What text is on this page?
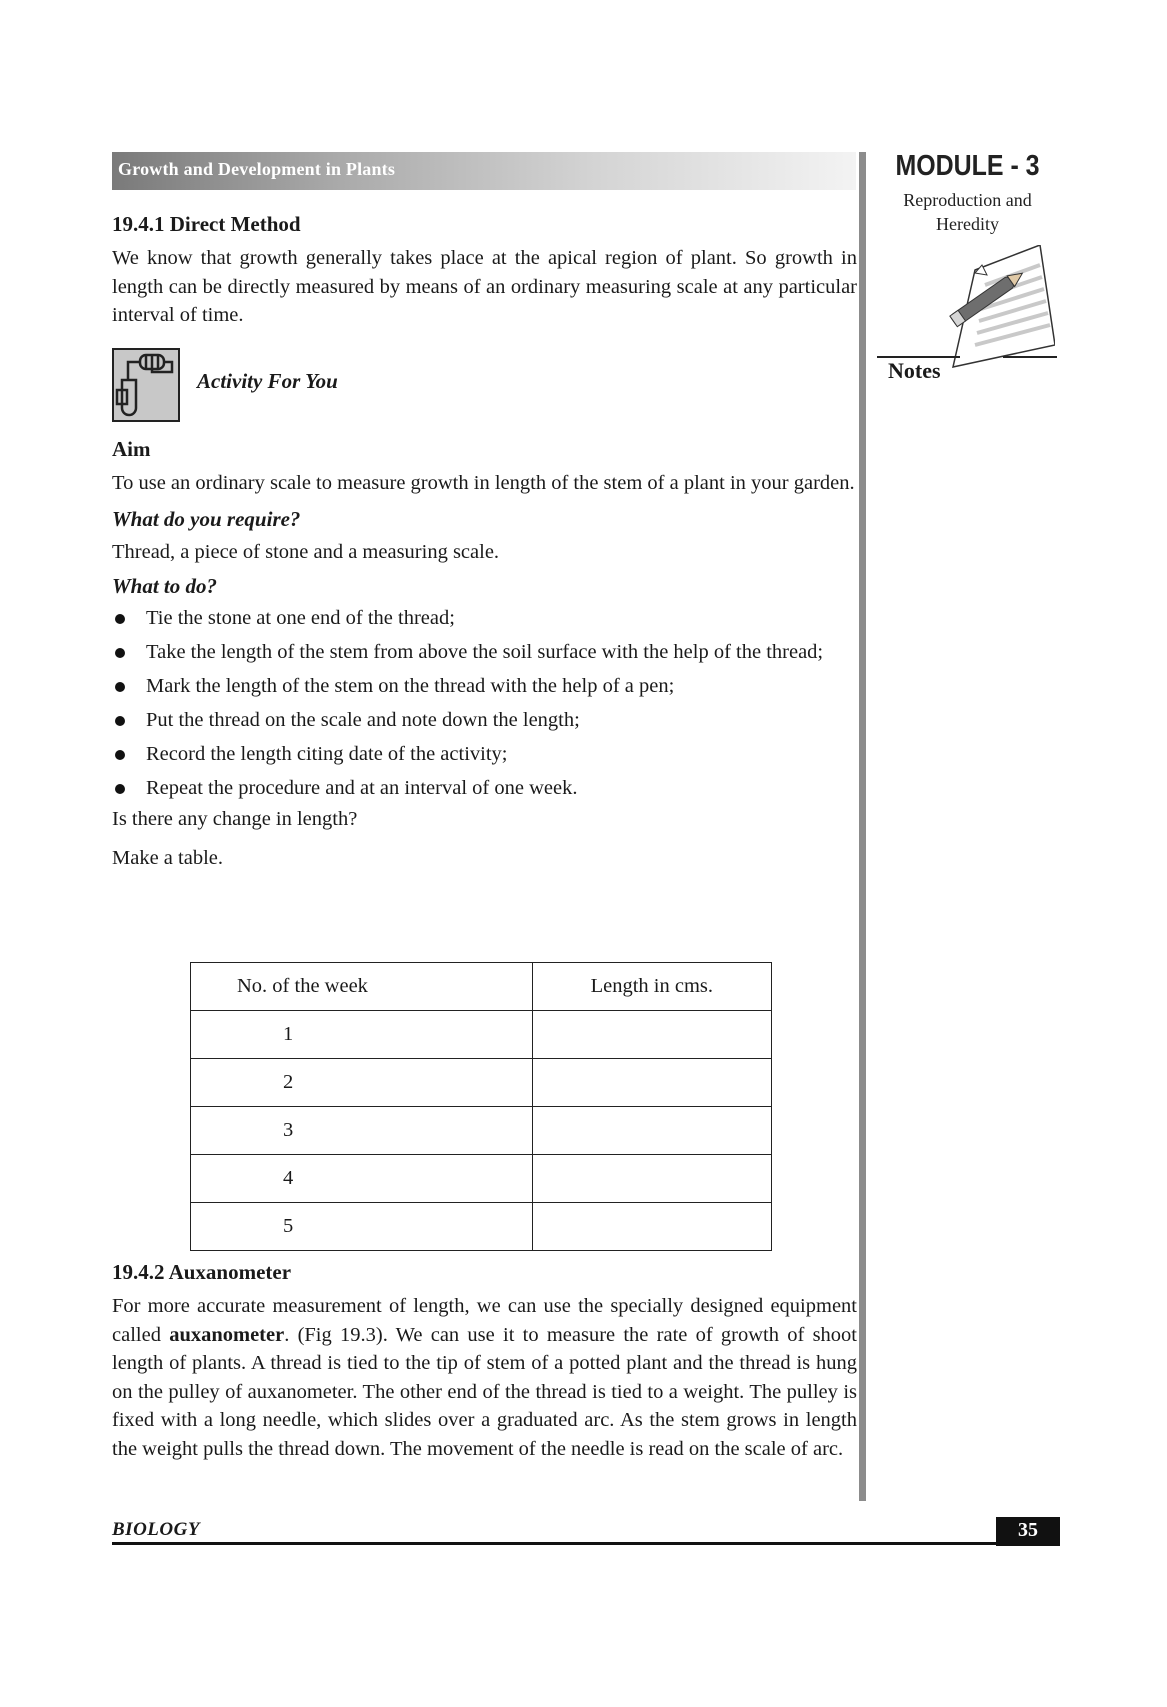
Growth and Development in Plants	MODULE - 3
Reproduction and
Heredity
Notes
19.4.1 Direct Method

We know that growth generally takes place at the apical region of plant. So growth in length can be directly measured by means of an ordinary measuring scale at any particular interval of time.

Activity For You
Aim

To use an ordinary scale to measure growth in length of the stem of a plant in your garden.

What do you require?

Thread, a piece of stone and a measuring scale.

What to do?
Tie the stone at one end of the thread;
Take the length of the stem from above the soil surface with the help of the thread;
Mark the length of the stem on the thread with the help of a pen;
Put the thread on the scale and note down the length;
Record the length citing date of the activity;
Repeat the procedure and at an interval of one week.

Is there any change in length?

Make a table.

No. of the week	Length in cms.
1	
2	
3	
4	
5	
19.4.2 Auxanometer

For more accurate measurement of length, we can use the specially designed equipment called auxanometer. (Fig 19.3). We can use it to measure the rate of growth of shoot length of plants. A thread is tied to the tip of stem of a potted plant and the thread is hung on the pulley of auxanometer. The other end of the thread is tied to a weight. The pulley is fixed with a long needle, which slides over a graduated arc. As the stem grows in length the weight pulls the thread down. The movement of the needle is read on the scale of arc.

BIOLOGY	35
